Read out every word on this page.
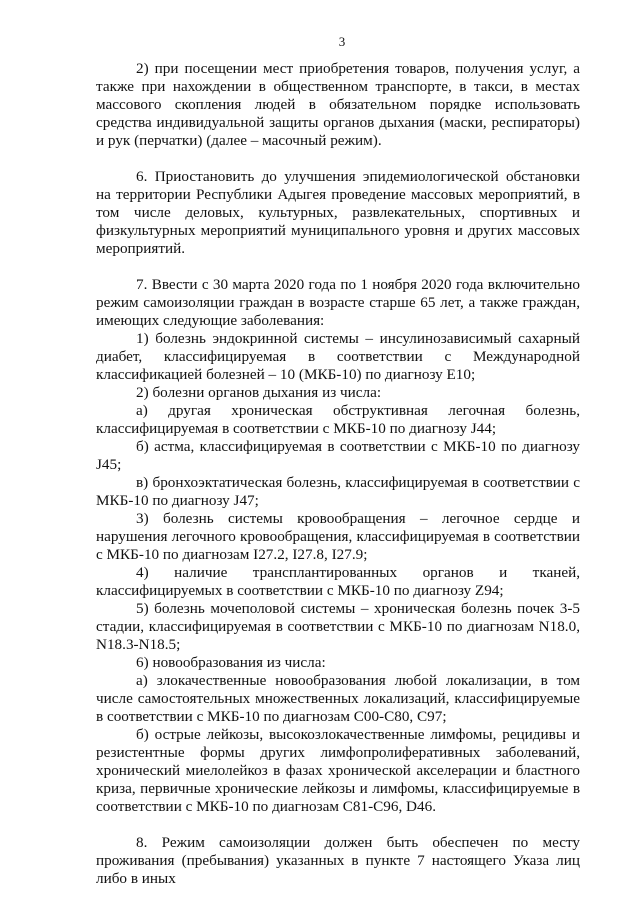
3

2) при посещении мест приобретения товаров, получения услуг, а также при нахождении в общественном транспорте, в такси, в местах массового скопления людей в обязательном порядке использовать средства индивидуальной защиты органов дыхания (маски, респираторы) и рук (перчатки) (далее – масочный режим).

6. Приостановить до улучшения эпидемиологической обстановки на территории Республики Адыгея проведение массовых мероприятий, в том числе деловых, культурных, развлекательных, спортивных и физкультурных мероприятий муниципального уровня и других массовых мероприятий.

7. Ввести с 30 марта 2020 года по 1 ноября 2020 года включительно режим самоизоляции граждан в возрасте старше 65 лет, а также граждан, имеющих следующие заболевания:

1) болезнь эндокринной системы – инсулинозависимый сахарный диабет, классифицируемая в соответствии с Международной классификацией болезней – 10 (МКБ-10) по диагнозу Е10;

2) болезни органов дыхания из числа:

а) другая хроническая обструктивная легочная болезнь, классифицируемая в соответствии с МКБ-10 по диагнозу J44;

б) астма, классифицируемая в соответствии с МКБ-10 по диагнозу J45;

в) бронхоэктатическая болезнь, классифицируемая в соответствии с МКБ-10 по диагнозу J47;

3) болезнь системы кровообращения – легочное сердце и нарушения легочного кровообращения, классифицируемая в соответствии с МКБ-10 по диагнозам I27.2, I27.8, I27.9;

4) наличие трансплантированных органов и тканей, классифицируемых в соответствии с МКБ-10 по диагнозу Z94;

5) болезнь мочеполовой системы – хроническая болезнь почек 3-5 стадии, классифицируемая в соответствии с МКБ-10 по диагнозам N18.0, N18.3-N18.5;

6) новообразования из числа:

а) злокачественные новообразования любой локализации, в том числе самостоятельных множественных локализаций, классифицируемые в соответствии с МКБ-10 по диагнозам С00-С80, С97;

б) острые лейкозы, высокозлокачественные лимфомы, рецидивы и резистентные формы других лимфопролиферативных заболеваний, хронический миелолейкоз в фазах хронической акселерации и бластного криза, первичные хронические лейкозы и лимфомы, классифицируемые в соответствии с МКБ-10 по диагнозам С81-С96, D46.

8. Режим самоизоляции должен быть обеспечен по месту проживания (пребывания) указанных в пункте 7 настоящего Указа лиц либо в иных
